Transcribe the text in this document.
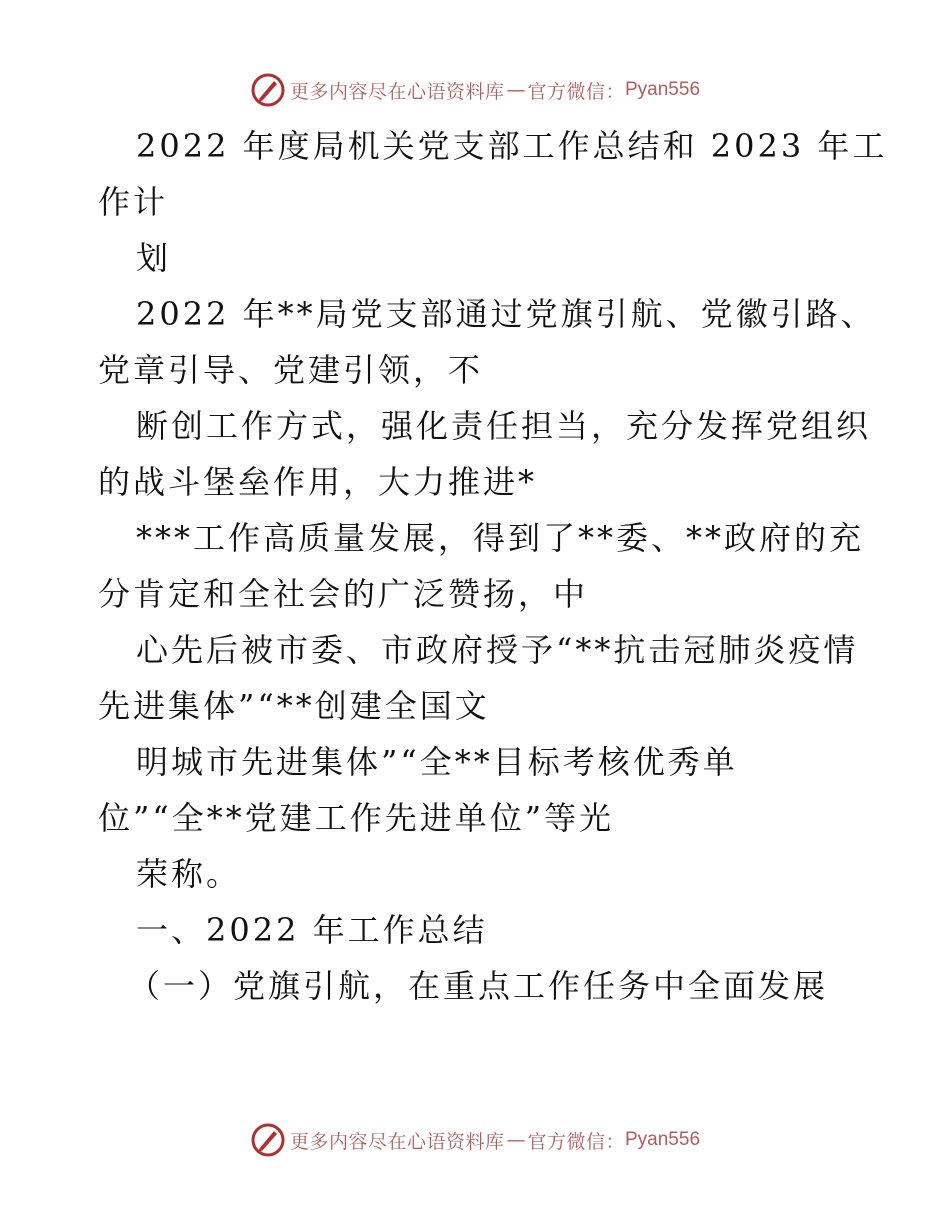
更多内容尽在心语资料库 — 官方微信： Pyan556
2022 年度局机关党支部工作总结和 2023 年工
作计
划
2022 年**局党支部通过党旗引航、党徽引路、
党章引导、党建引领，不
断创工作方式，强化责任担当，充分发挥党组织
的战斗堡垒作用，大力推进*
***工作高质量发展，得到了**委、**政府的充
分肯定和全社会的广泛赞扬，中
心先后被市委、市政府授予“**抗击冠肺炎疫情
先进集体”“**创建全国文
明城市先进集体”“全**目标考核优秀单
位”“全**党建工作先进单位”等光
荣称。
一、2022 年工作总结
（一）党旗引航，在重点工作任务中全面发展
更多内容尽在心语资料库 — 官方微信： Pyan556
